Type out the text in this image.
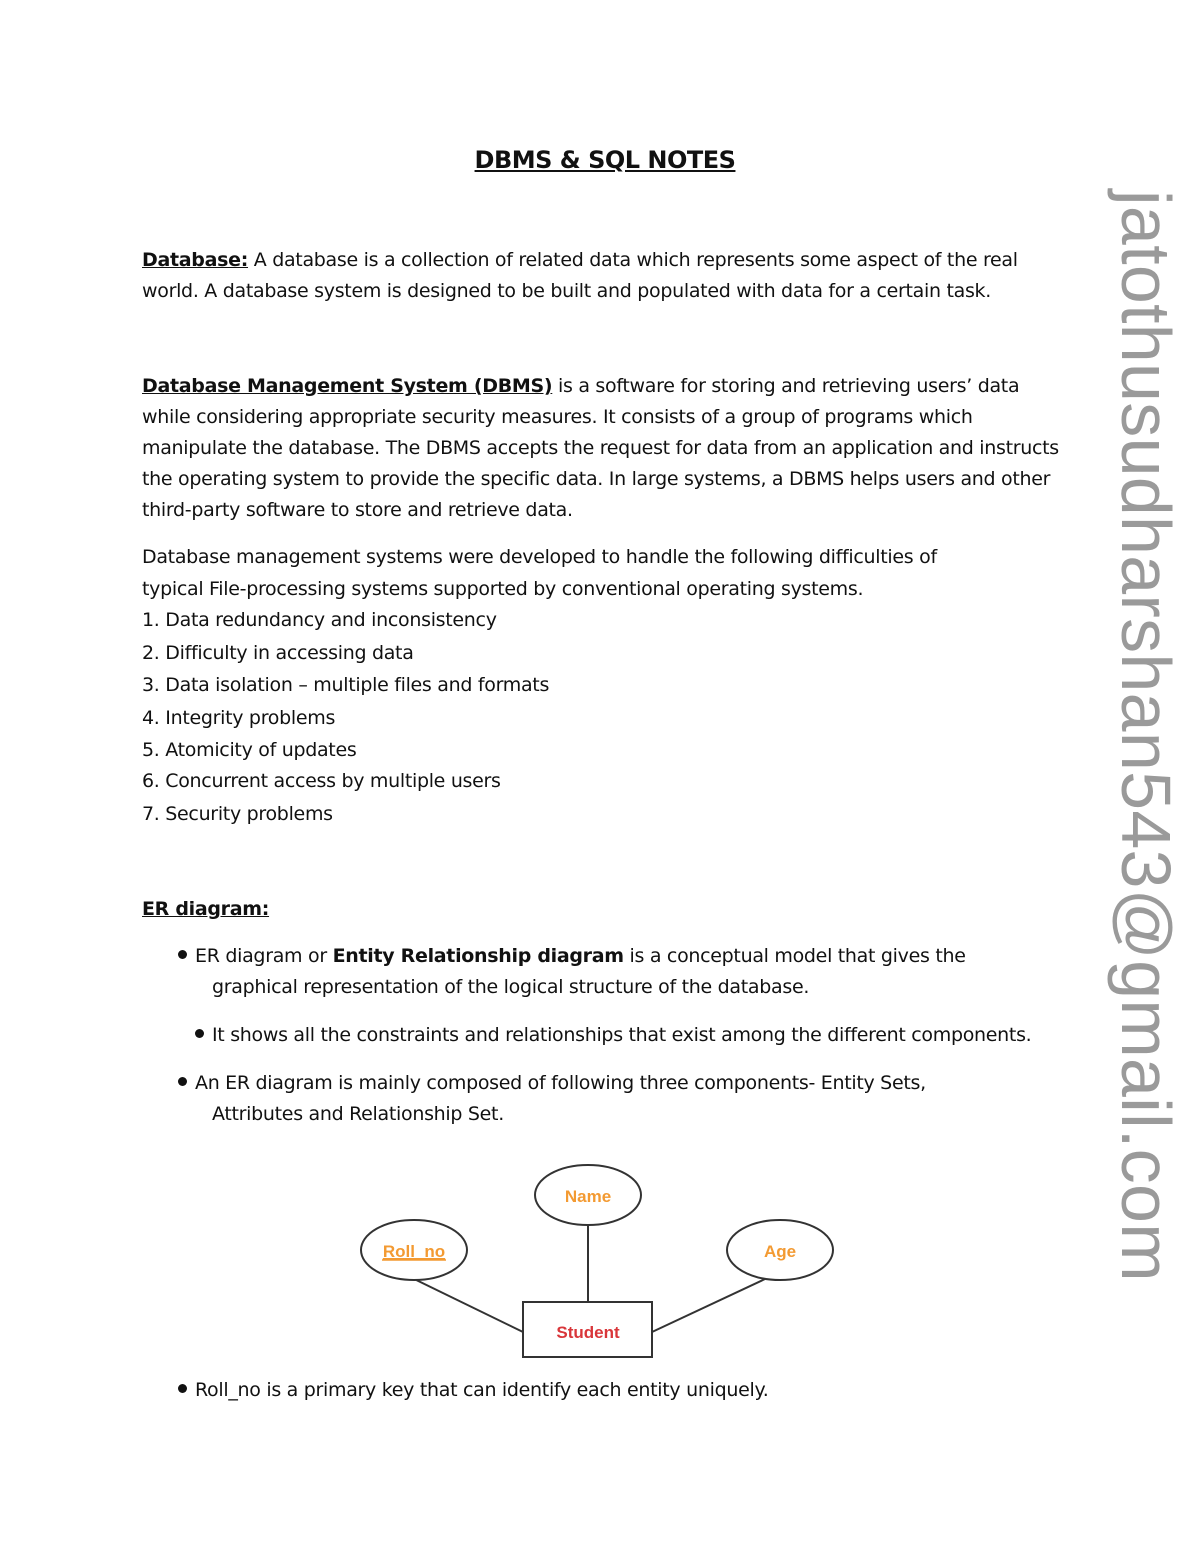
DBMS & SQL NOTES
Database: A database is a collection of related data which represents some aspect of the real world. A database system is designed to be built and populated with data for a certain task.
Database Management System (DBMS) is a software for storing and retrieving users’ data while considering appropriate security measures. It consists of a group of programs which manipulate the database. The DBMS accepts the request for data from an application and instructs the operating system to provide the specific data. In large systems, a DBMS helps users and other third-party software to store and retrieve data.
Database management systems were developed to handle the following difficulties of
typical File-processing systems supported by conventional operating systems.
1. Data redundancy and inconsistency
2. Difficulty in accessing data
3. Data isolation – multiple files and formats
4. Integrity problems
5. Atomicity of updates
6. Concurrent access by multiple users
7. Security problems
ER diagram:
ER diagram or Entity Relationship diagram is a conceptual model that gives the
graphical representation of the logical structure of the database.
It shows all the constraints and relationships that exist among the different components.
An ER diagram is mainly composed of following three components- Entity Sets,
Attributes and Relationship Set.
Name
Roll_no	Age
Student
Roll_no is a primary key that can identify each entity uniquely.
jatothusudharshan543@gmail.com
